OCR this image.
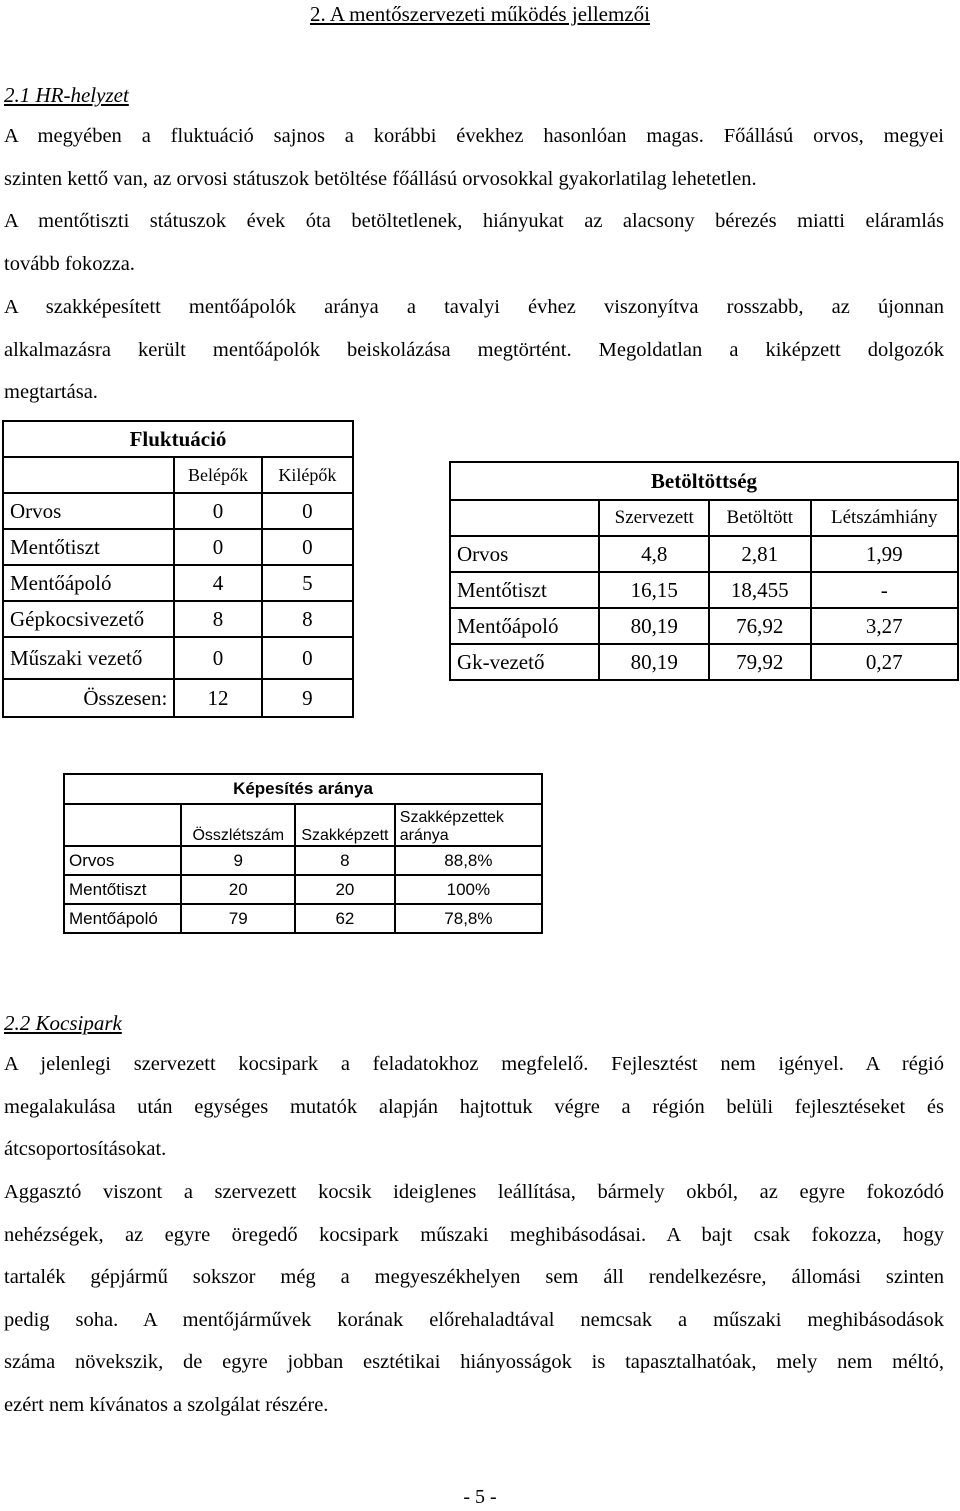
2. A mentőszervezeti működés jellemzői
2.1 HR-helyzet
A megyében a fluktuáció sajnos a korábbi évekhez hasonlóan magas. Főállású orvos, megyei
szinten kettő van, az orvosi státuszok betöltése főállású orvosokkal gyakorlatilag lehetetlen.
A mentőtiszti státuszok évek óta betöltetlenek, hiányukat az alacsony bérezés miatti eláramlás
tovább fokozza.
A szakképesített mentőápolók aránya a tavalyi évhez viszonyítva rosszabb, az újonnan
alkalmazásra került mentőápolók beiskolázása megtörtént. Megoldatlan a kiképzett dolgozók
megtartása.
Fluktuáció		
	Belépők	Kilépők
Orvos	0	0
Mentőtiszt	0	0
Mentőápoló	4	5
Gépkocsivezető	8	8
Műszaki vezető	0	0
Összesen:	12	9
Betöltöttség			
	Szervezett	Betöltött	Létszámhiány
Orvos	4,8	2,81	1,99
Mentőtiszt	16,15	18,455	-
Mentőápoló	80,19	76,92	3,27
Gk-vezető	80,19	79,92	0,27
Képesítés aránya			
	Összlétszám	Szakképzett	Szakképzettek
aránya

Orvos	9	8	88,8%
Mentőtiszt	20	20	100%
Mentőápoló	79	62	78,8%
2.2 Kocsipark
A jelenlegi szervezett kocsipark a feladatokhoz megfelelő. Fejlesztést nem igényel. A régió
megalakulása után egységes mutatók alapján hajtottuk végre a régión belüli fejlesztéseket és
átcsoportosításokat.
Aggasztó viszont a szervezett kocsik ideiglenes leállítása, bármely okból, az egyre fokozódó
nehézségek, az egyre öregedő kocsipark műszaki meghibásodásai. A bajt csak fokozza, hogy
tartalék gépjármű sokszor még a megyeszékhelyen sem áll rendelkezésre, állomási szinten
pedig soha. A mentőjárművek korának előrehaladtával nemcsak a műszaki meghibásodások
száma növekszik, de egyre jobban esztétikai hiányosságok is tapasztalhatóak, mely nem méltó,
ezért nem kívánatos a szolgálat részére.
- 5 -
